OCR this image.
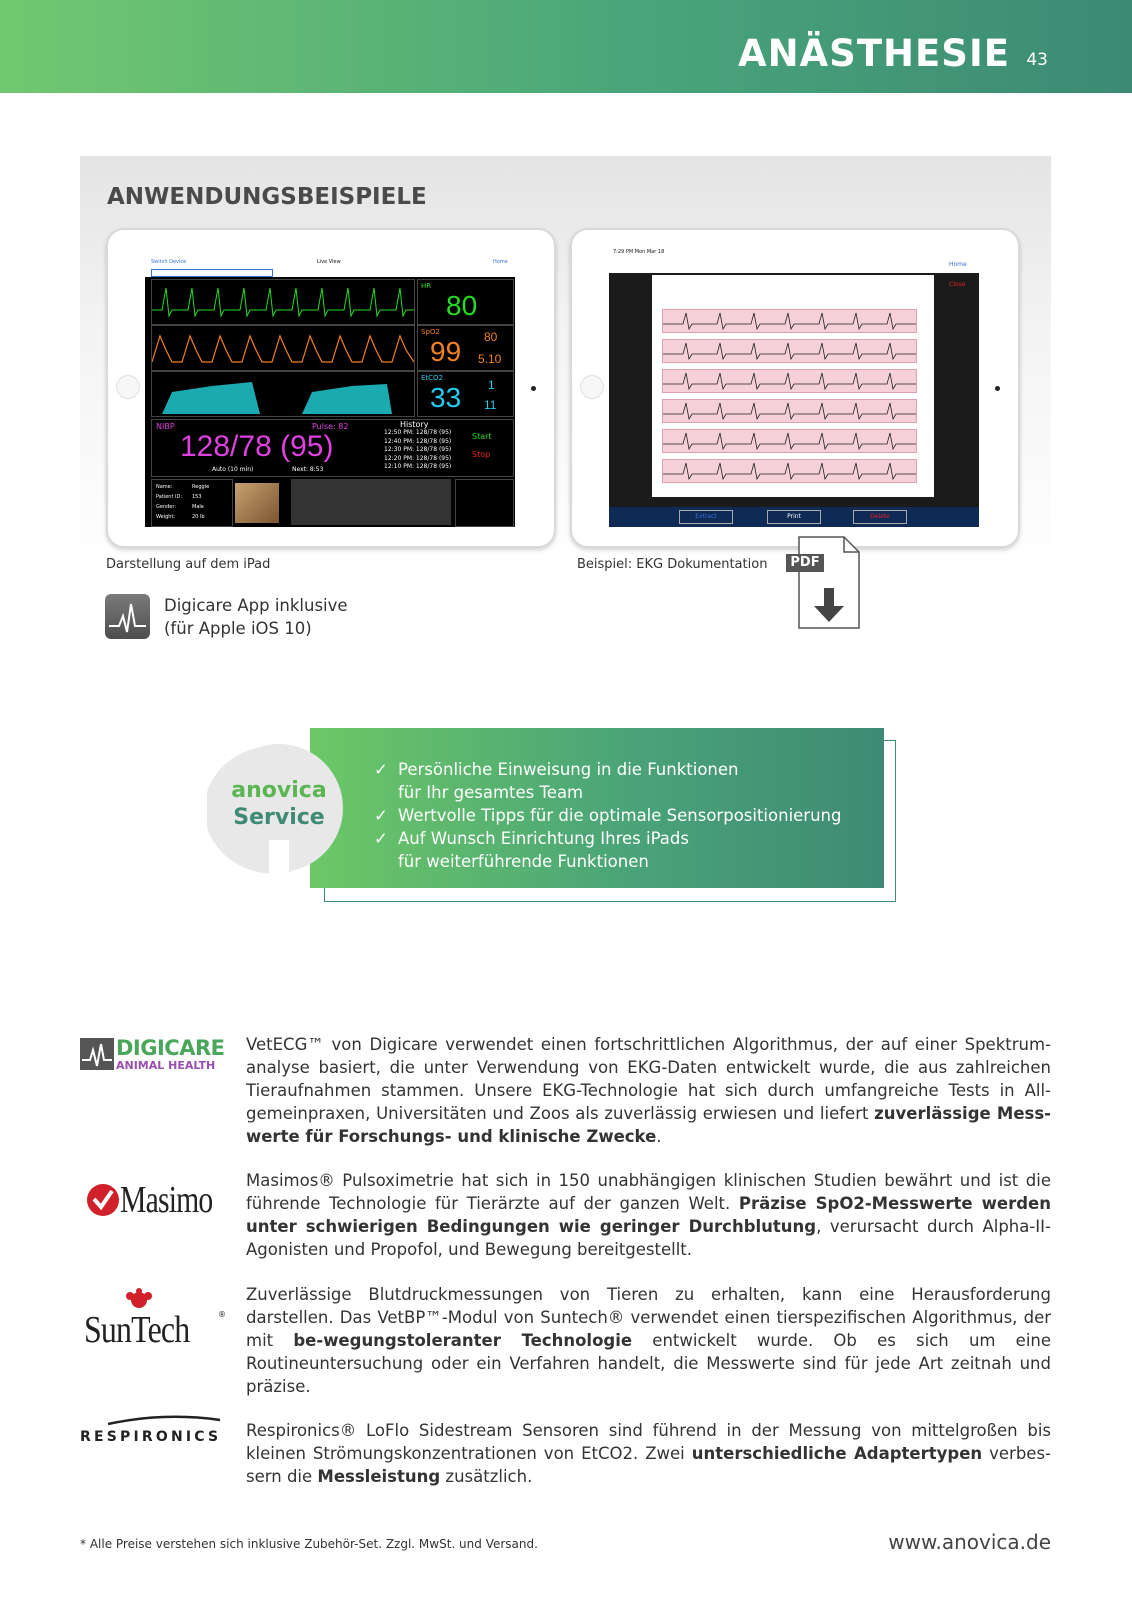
ANÄSTHESIE 43
ANWENDUNGSBEISPIELE
Switch Device	Live View	Home
HR
80
SpO2
99 80
5.10
EtCO2
33 1
11
NIBP	Pulse: 82
128/78 (95)
Auto (10 min)	Next: 8:53
History
12:50 PM: 128/78 (95)
12:40 PM: 128/78 (95)
12:30 PM: 128/78 (95)
12:20 PM: 128/78 (95)
12:10 PM: 128/78 (95)
Start
Stop
Name:	Reggie
Patient ID: 153
Gender:	Male
Weight:	20 lb
7:29 PM Mon Mar 18
Home
Close
Extract	Print	Delete
Darstellung auf dem iPad	Beispiel: EKG Dokumentation	PDF
Digicare App inklusive
(für Apple iOS 10)
anovica
Service
✓ Persönliche Einweisung in die Funktionen
für Ihr gesamtes Team
✓ Wertvolle Tipps für die optimale Sensorpositionierung
✓ Auf Wunsch Einrichtung Ihres iPads
für weiterführende Funktionen
DIGICARE
ANIMAL HEALTH
VetECG™ von Digicare verwendet einen fortschrittlichen Algorithmus, der auf einer Spektrum-analyse basiert, die unter Verwendung von EKG-Daten entwickelt wurde, die aus zahlreichen Tieraufnahmen stammen. Unsere EKG-Technologie hat sich durch umfangreiche Tests in All-gemeinpraxen, Universitäten und Zoos als zuverlässig erwiesen und liefert zuverlässige Mess-werte für Forschungs- und klinische Zwecke.
Masimo Masimos® Pulsoximetrie hat sich in 150 unabhängigen klinischen Studien bewährt und ist die führende Technologie für Tierärzte auf der ganzen Welt. Präzise SpO2-Messwerte werden unter schwierigen Bedingungen wie geringer Durchblutung, verursacht durch Alpha-II-Agonisten und Propofol, und Bewegung bereitgestellt.
SunTech	®
Zuverlässige Blutdruckmessungen von Tieren zu erhalten, kann eine Herausforderung darstellen. Das VetBP™-Modul von Suntech® verwendet einen tierspezifischen Algorithmus, der mit be-wegungstoleranter Technologie entwickelt wurde. Ob es sich um eine Routineuntersuchung oder ein Verfahren handelt, die Messwerte sind für jede Art zeitnah und präzise.
RESPIRONICS Respironics® LoFlo Sidestream Sensoren sind führend in der Messung von mittelgroßen bis kleinen Strömungskonzentrationen von EtCO2. Zwei unterschiedliche Adaptertypen verbes-sern die Messleistung zusätzlich.
* Alle Preise verstehen sich inklusive Zubehör-Set. Zzgl. MwSt. und Versand.	www.anovica.de
